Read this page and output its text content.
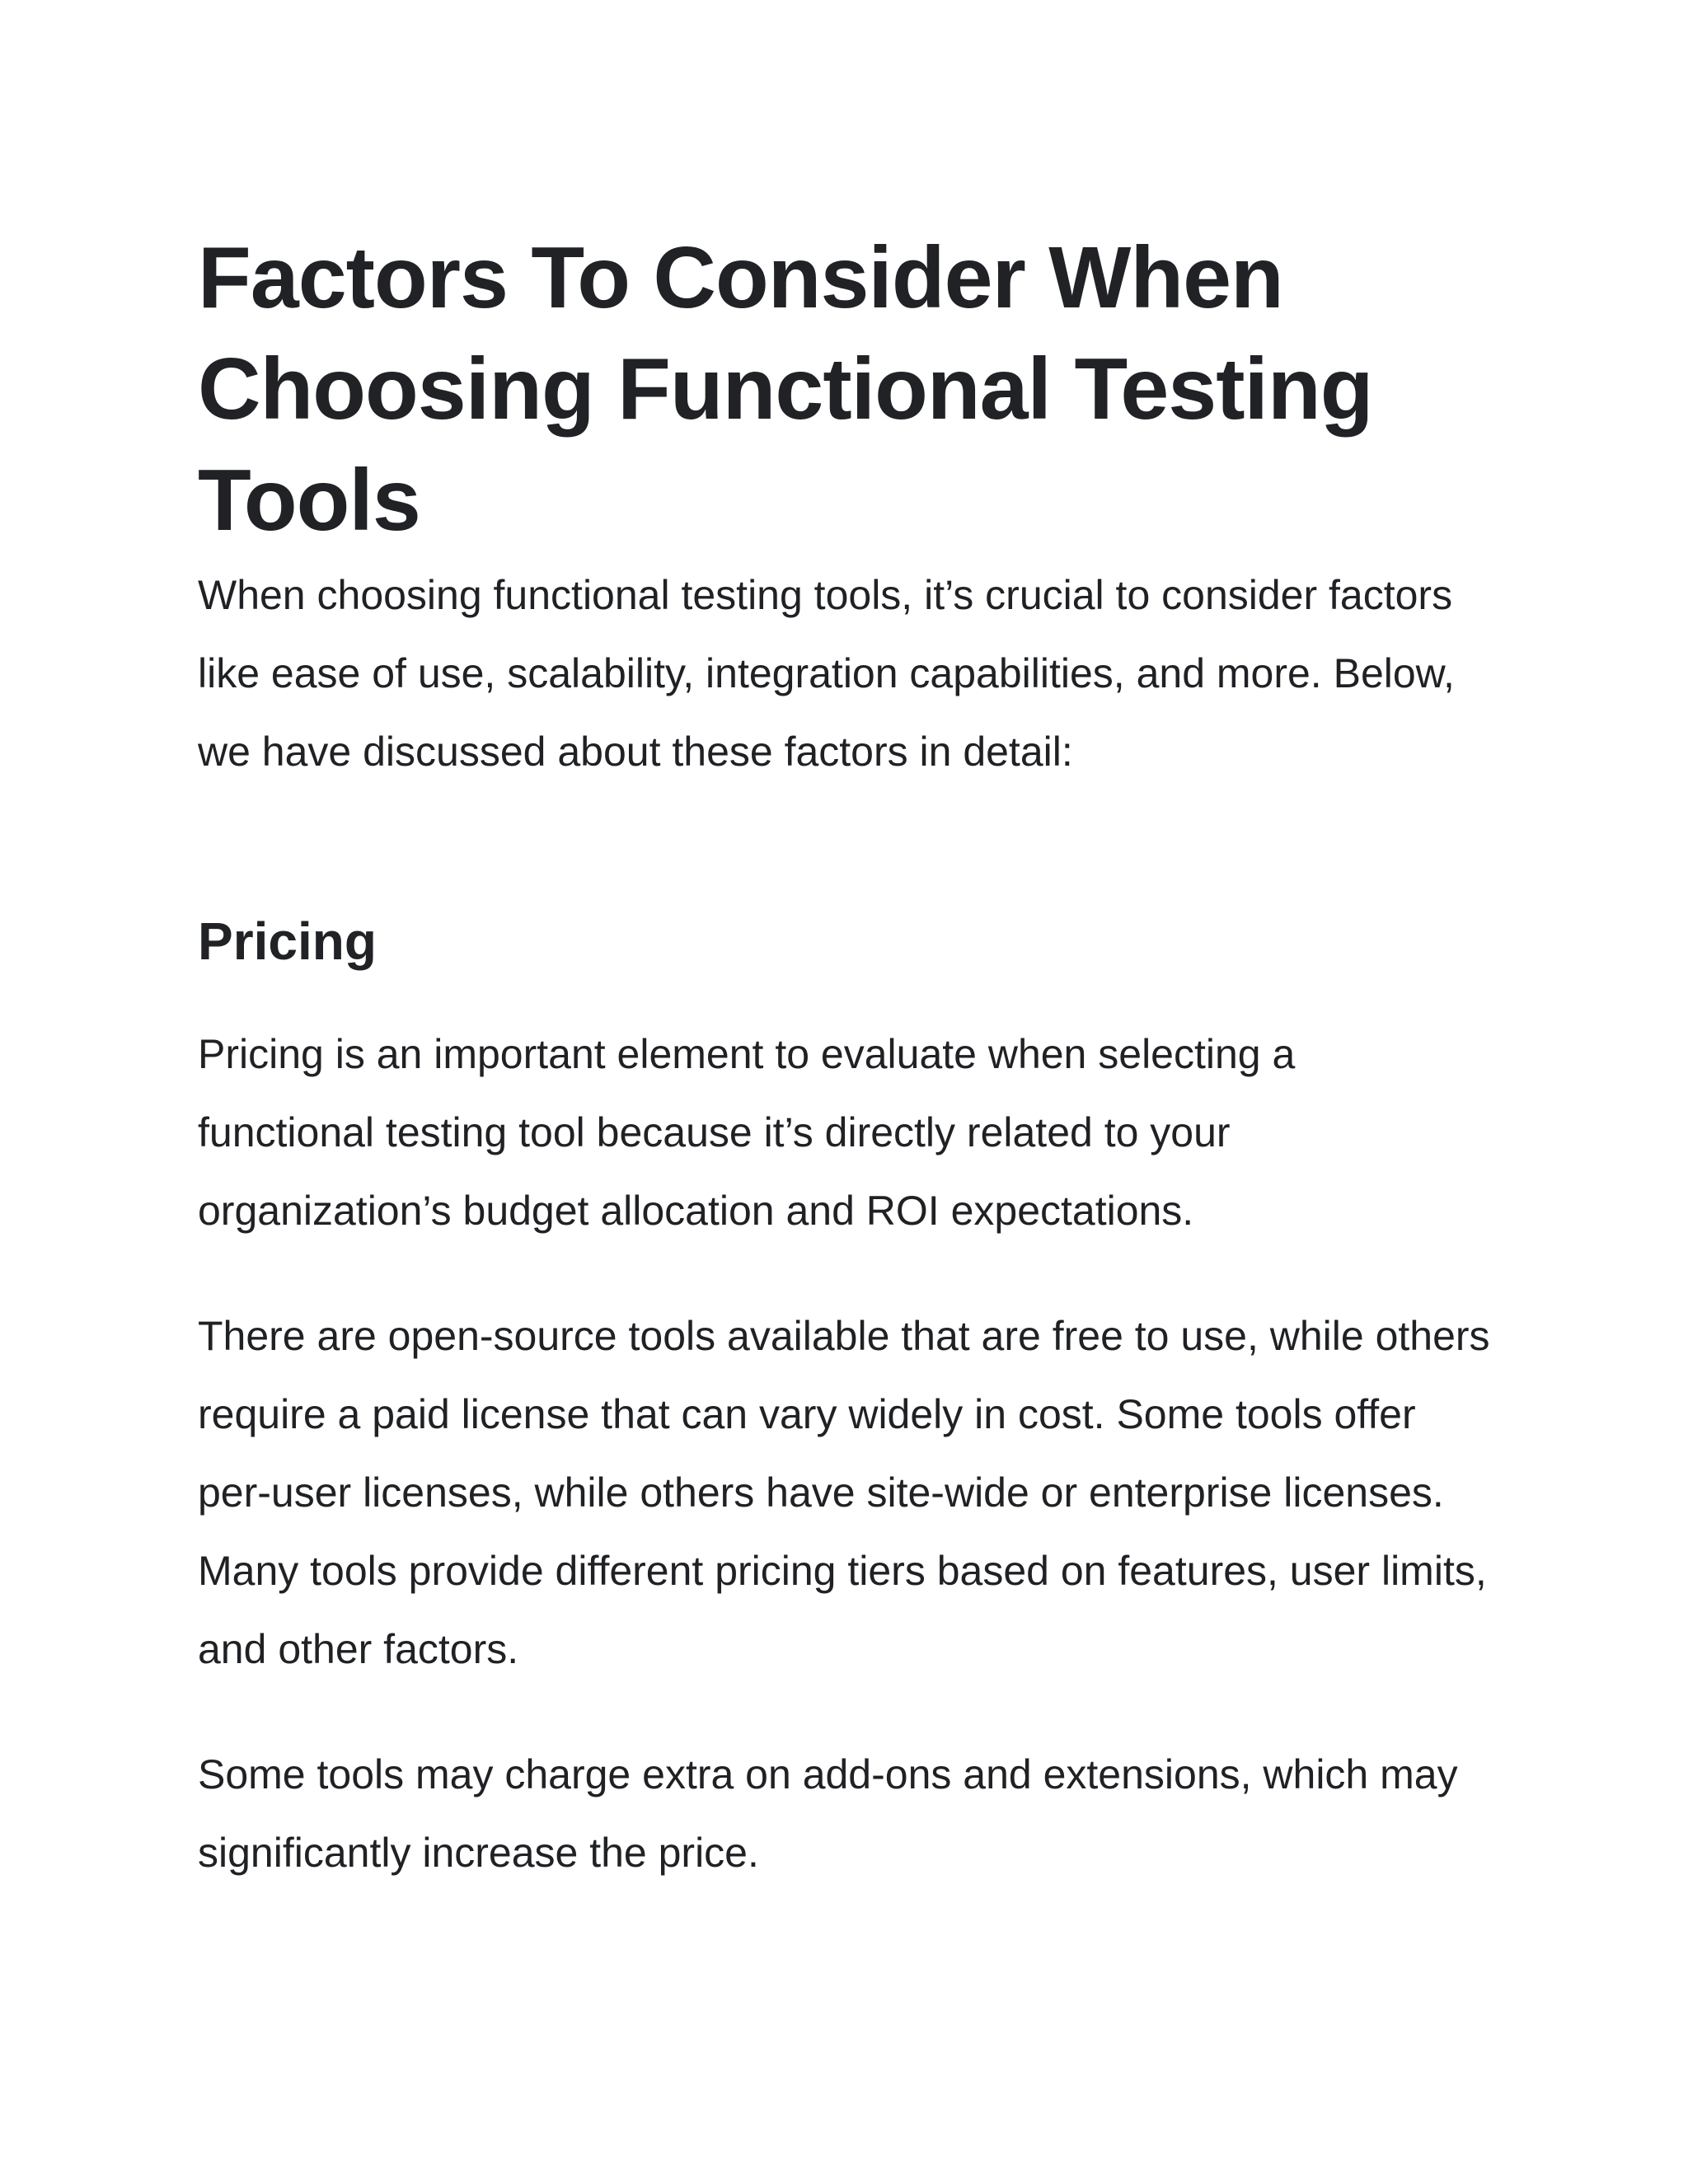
Factors To Consider When Choosing Functional Testing Tools

When choosing functional testing tools, it’s crucial to consider factors like ease of use, scalability, integration capabilities, and more. Below, we have discussed about these factors in detail:

Pricing

Pricing is an important element to evaluate when selecting a functional testing tool because it’s directly related to your organization’s budget allocation and ROI expectations.

There are open-source tools available that are free to use, while others require a paid license that can vary widely in cost. Some tools offer per-user licenses, while others have site-wide or enterprise licenses. Many tools provide different pricing tiers based on features, user limits, and other factors.

Some tools may charge extra on add-ons and extensions, which may significantly increase the price.
